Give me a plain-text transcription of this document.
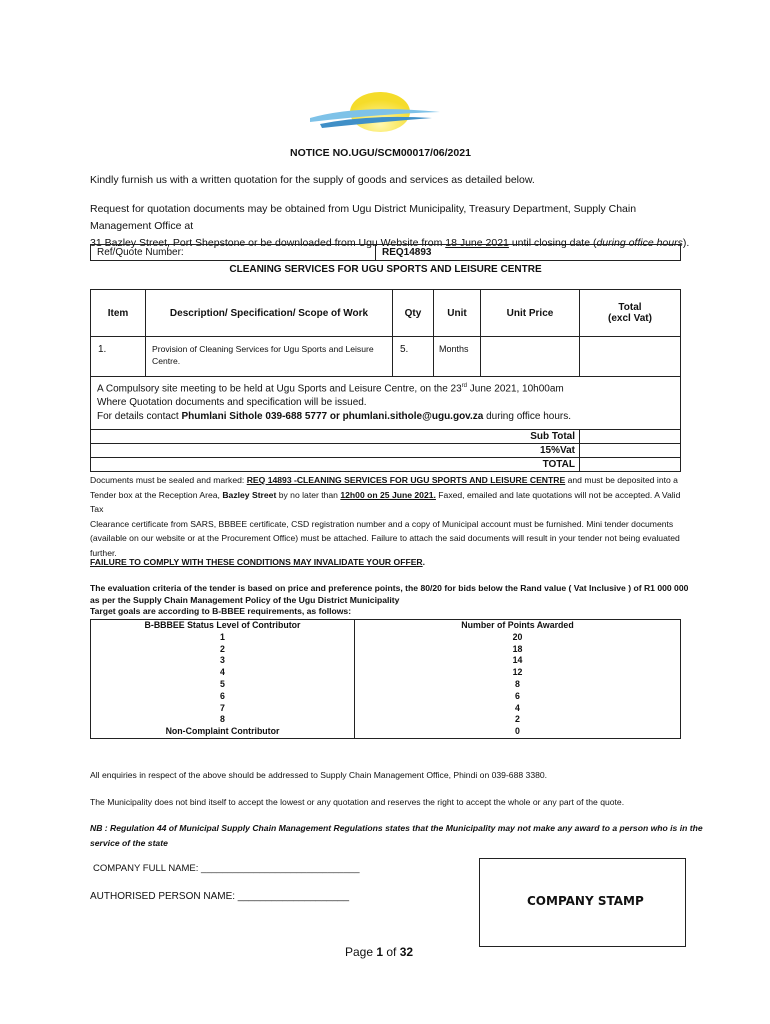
NOTICE NO.UGU/SCM00017/06/2021
Kindly furnish us with a written quotation for the supply of goods and services as detailed below.
Request for quotation documents may be obtained from Ugu District Municipality, Treasury Department, Supply Chain Management Office at
31 Bazley Street, Port Shepstone or be downloaded from Ugu Website from 18 June 2021 until closing date (during office hours).
Ref/Quote Number:	REQ14893
CLEANING SERVICES FOR UGU SPORTS AND LEISURE CENTRE
Item	Description/ Specification/ Scope of Work	Qty	Unit	Unit Price	Total
(excl Vat)
1.	Provision of Cleaning Services for Ugu Sports and Leisure Centre.	5.	Months		

A Compulsory site meeting to be held at Ugu Sports and Leisure Centre, on the 23rd June 2021, 10h00am
Where Quotation documents and specification will be issued.
For details contact Phumlani Sithole 039-688 5777 or phumlani.sithole@ugu.gov.za during office hours.					

Sub Total					
15%Vat					
TOTAL					
Documents must be sealed and marked: REQ 14893 -CLEANING SERVICES FOR UGU SPORTS AND LEISURE CENTRE and must be deposited into a
Tender box at the Reception Area, Bazley Street by no later than 12h00 on 25 June 2021. Faxed, emailed and late quotations will not be accepted. A Valid Tax
Clearance certificate from SARS, BBBEE certificate, CSD registration number and a copy of Municipal account must be furnished. Mini tender documents
(available on our website or at the Procurement Office) must be attached. Failure to attach the said documents will result in your tender not being evaluated
further.
FAILURE TO COMPLY WITH THESE CONDITIONS MAY INVALIDATE YOUR OFFER.
The evaluation criteria of the tender is based on price and preference points, the 80/20 for bids below the Rand value ( Vat Inclusive ) of R1 000 000
as per the Supply Chain Management Policy of the Ugu District Municipality
Target goals are according to B-BBEE requirements, as follows:
B-BBBEE Status Level of Contributor	Number of Points Awarded
1	20
2	18
3	14
4	12
5	8
6	6
7	4
8	2
Non-Complaint Contributor	0
All enquiries in respect of the above should be addressed to Supply Chain Management Office, Phindi on 039-688 3380.
The Municipality does not bind itself to accept the lowest or any quotation and reserves the right to accept the whole or any part of the quote.
NB : Regulation 44 of Municipal Supply Chain Management Regulations states that the Municipality may not make any award to a person who is in the
service of the state
COMPANY FULL NAME: ______________________________
AUTHORISED PERSON NAME: ____________________	COMPANY STAMP
Page 1 of 32
